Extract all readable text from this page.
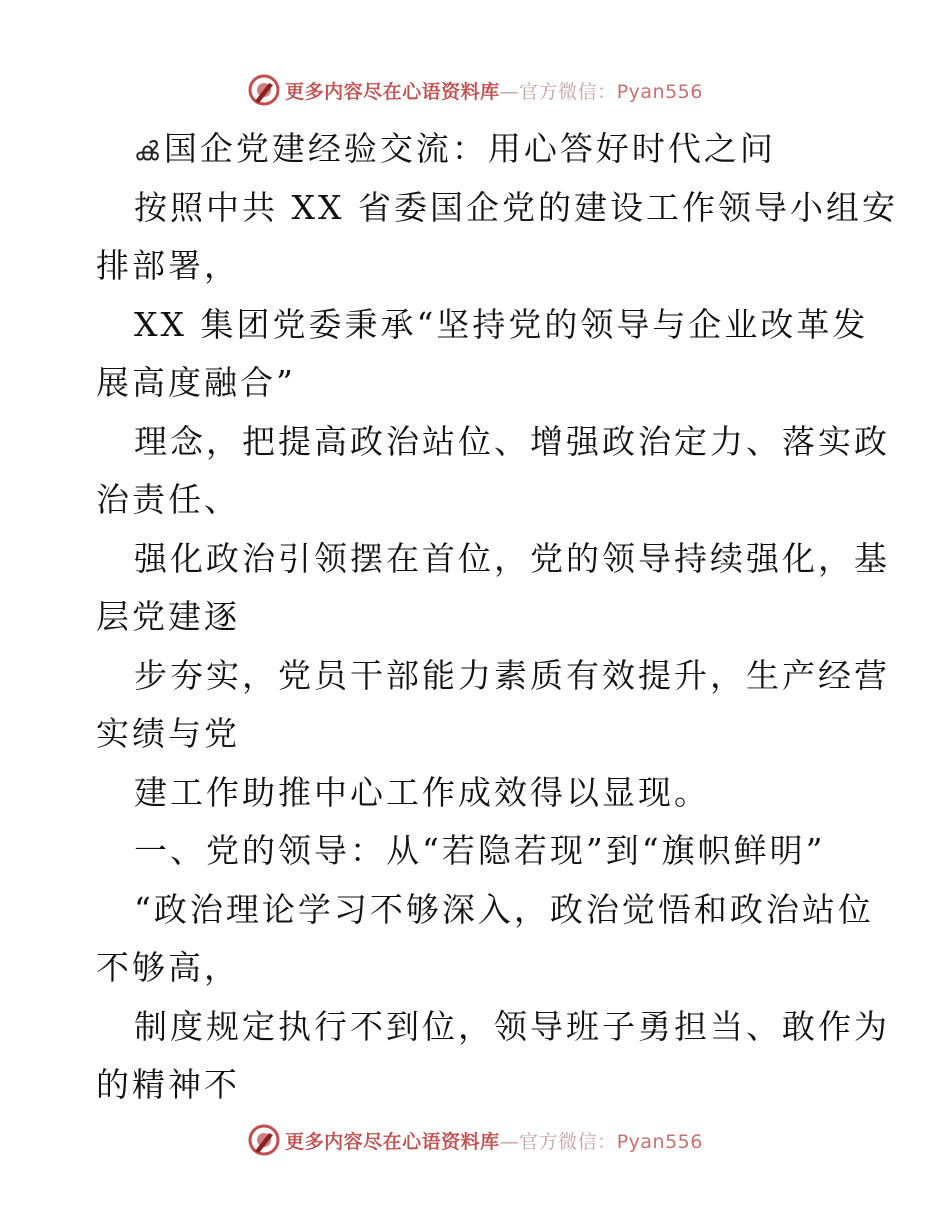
更多内容尽在心语资料库—官方微信：Pyan556
ൿ国企党建经验交流：用心答好时代之问
按照中共 XX 省委国企党的建设工作领导小组安
排部署，
XX 集团党委秉承“坚持党的领导与企业改革发
展高度融合”
理念，把提高政治站位、增强政治定力、落实政
治责任、
强化政治引领摆在首位，党的领导持续强化，基
层党建逐
步夯实，党员干部能力素质有效提升，生产经营
实绩与党
建工作助推中心工作成效得以显现。
一、党的领导：从“若隐若现”到“旗帜鲜明”
“政治理论学习不够深入，政治觉悟和政治站位
不够高，
制度规定执行不到位，领导班子勇担当、敢作为
的精神不
更多内容尽在心语资料库—官方微信：Pyan556
